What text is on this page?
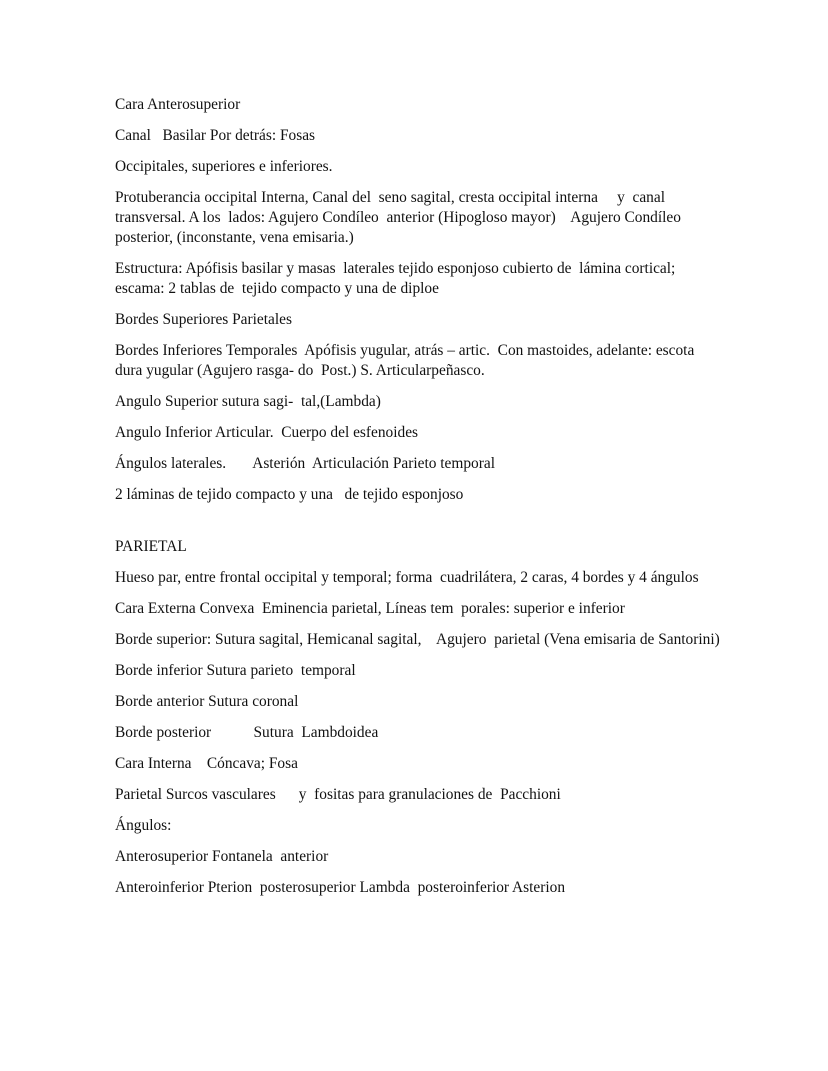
Cara Anterosuperior

Canal   Basilar Por detrás: Fosas

Occipitales, superiores e inferiores.

Protuberancia occipital Interna, Canal del  seno sagital, cresta occipital interna     y  canal transversal. A los  lados: Agujero Condíleo  anterior (Hipogloso mayor)    Agujero Condíleo posterior, (inconstante, vena emisaria.)

Estructura: Apófisis basilar y masas  laterales tejido esponjoso cubierto de  lámina cortical; escama: 2 tablas de  tejido compacto y una de diploe

Bordes Superiores Parietales

Bordes Inferiores Temporales  Apófisis yugular, atrás – artic.  Con mastoides, adelante: escota  dura yugular (Agujero rasga- do  Post.) S. Articularpeñasco.

Angulo Superior sutura sagi-  tal,(Lambda)

Angulo Inferior Articular.  Cuerpo del esfenoides

Ángulos laterales.       Asterión  Articulación Parieto temporal

2 láminas de tejido compacto y una   de tejido esponjoso

PARIETAL

Hueso par, entre frontal occipital y temporal; forma  cuadrilátera, 2 caras, 4 bordes y 4 ángulos

Cara Externa Convexa  Eminencia parietal, Líneas tem  porales: superior e inferior

Borde superior: Sutura sagital, Hemicanal sagital,    Agujero  parietal (Vena emisaria de Santorini)

Borde inferior Sutura parieto  temporal

Borde anterior Sutura coronal

Borde posterior           Sutura  Lambdoidea

Cara Interna    Cóncava; Fosa

Parietal Surcos vasculares      y  fositas para granulaciones de  Pacchioni

Ángulos:

Anterosuperior Fontanela  anterior

Anteroinferior Pterion  posterosuperior Lambda  posteroinferior Asterion
